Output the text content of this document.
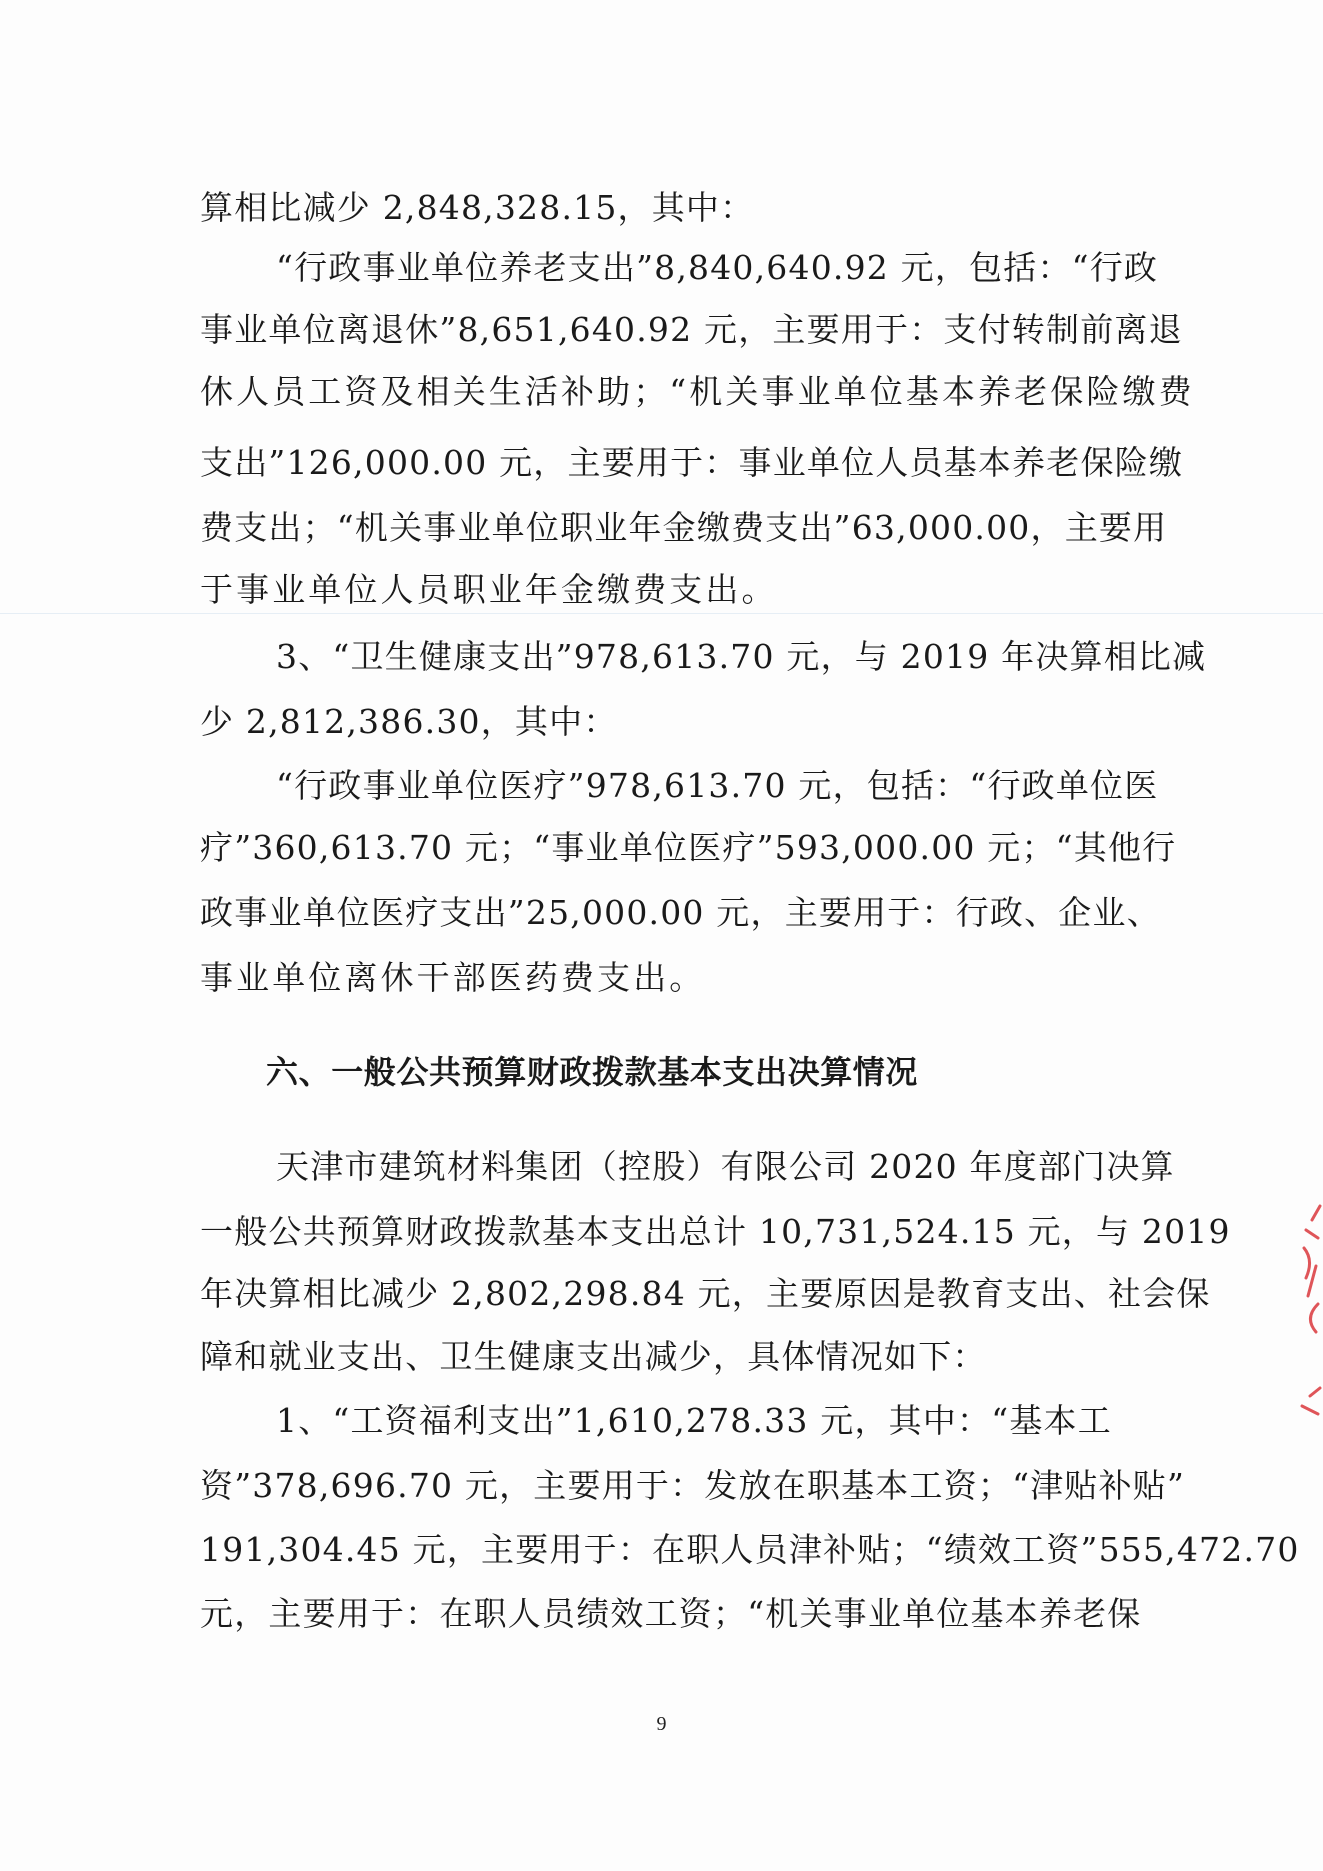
算相比减少 2,848,328.15，其中：
“行政事业单位养老支出”8,840,640.92 元，包括：“行政
事业单位离退休”8,651,640.92 元，主要用于：支付转制前离退
休人员工资及相关生活补助；“机关事业单位基本养老保险缴费
支出”126,000.00 元，主要用于：事业单位人员基本养老保险缴
费支出；“机关事业单位职业年金缴费支出”63,000.00，主要用
于事业单位人员职业年金缴费支出。
3、“卫生健康支出”978,613.70 元，与 2019 年决算相比减
少 2,812,386.30，其中：
“行政事业单位医疗”978,613.70 元，包括：“行政单位医
疗”360,613.70 元；“事业单位医疗”593,000.00 元；“其他行
政事业单位医疗支出”25,000.00 元，主要用于：行政、企业、
事业单位离休干部医药费支出。
六、一般公共预算财政拨款基本支出决算情况
天津市建筑材料集团（控股）有限公司 2020 年度部门决算
一般公共预算财政拨款基本支出总计 10,731,524.15 元，与 2019
年决算相比减少 2,802,298.84 元，主要原因是教育支出、社会保
障和就业支出、卫生健康支出减少，具体情况如下：
1、“工资福利支出”1,610,278.33 元，其中：“基本工
资”378,696.70 元，主要用于：发放在职基本工资；“津贴补贴”
191,304.45 元，主要用于：在职人员津补贴；“绩效工资”555,472.70
元，主要用于：在职人员绩效工资；“机关事业单位基本养老保
9
